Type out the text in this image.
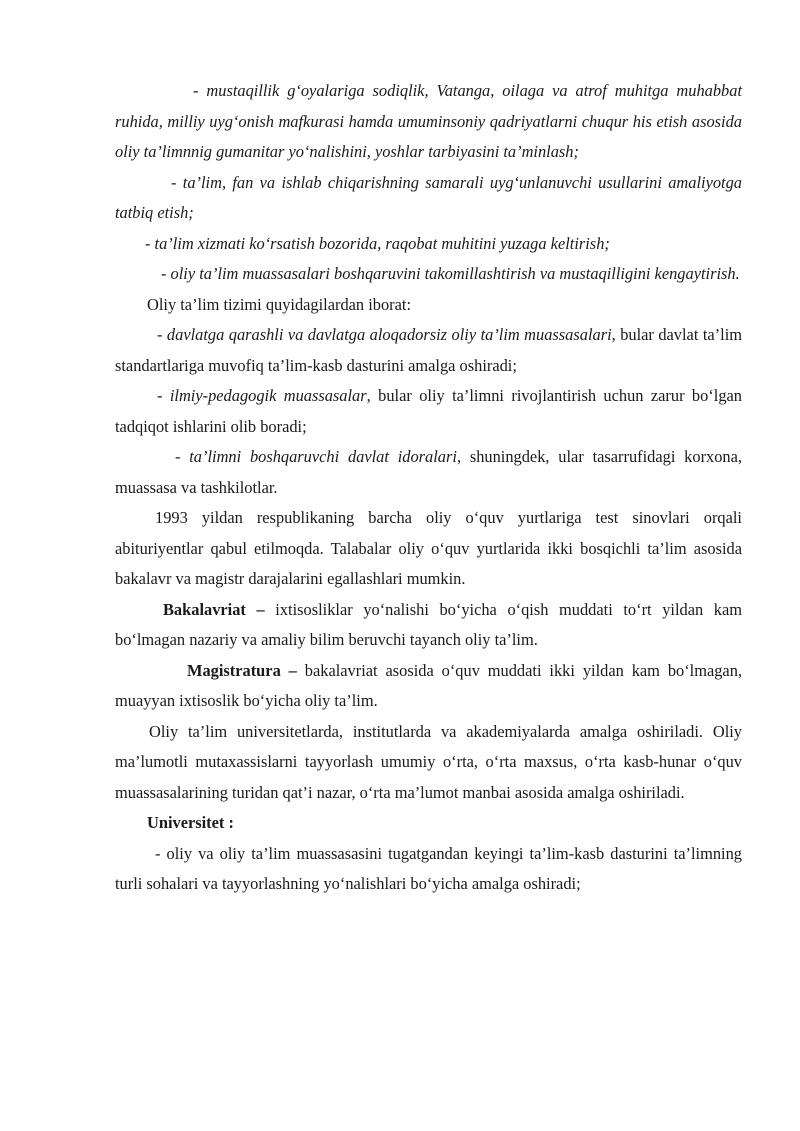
- mustaqillik g‘oyalariga sodiqlik, Vatanga, oilaga va atrof muhitga muhabbat ruhida, milliy uyg‘onish mafkurasi hamda umuminsoniy qadriyatlarni chuqur his etish asosida oliy ta’limnnig gumanitar yo‘nalishini, yoshlar tarbiyasini ta’minlash;

- ta’lim, fan va ishlab chiqarishning samarali uyg‘unlanuvchi usullarini amaliyotga tatbiq etish;

- ta’lim xizmati ko‘rsatish bozorida, raqobat muhitini yuzaga keltirish;

- oliy ta’lim muassasalari boshqaruvini takomillashtirish va mustaqilligini kengaytirish.

Oliy ta’lim tizimi quyidagilardan iborat:

- davlatga qarashli va davlatga aloqadorsiz oliy ta’lim muassasalari, bular davlat ta’lim standartlariga muvofiq ta’lim-kasb dasturini amalga oshiradi;

- ilmiy-pedagogik muassasalar, bular oliy ta’limni rivojlantirish uchun zarur bo‘lgan tadqiqot ishlarini olib boradi;

- ta’limni boshqaruvchi davlat idoralari, shuningdek, ular tasarrufidagi korxona, muassasa va tashkilotlar.

1993 yildan respublikaning barcha oliy o‘quv yurtlariga test sinovlari orqali abituriyentlar qabul etilmoqda. Talabalar oliy o‘quv yurtlarida ikki bosqichli ta’lim asosida bakalavr va magistr darajalarini egallashlari mumkin.

Bakalavriat – ixtisosliklar yo‘nalishi bo‘yicha o‘qish muddati to‘rt yildan kam bo‘lmagan nazariy va amaliy bilim beruvchi tayanch oliy ta’lim.

Magistratura – bakalavriat asosida o‘quv muddati ikki yildan kam bo‘lmagan, muayyan ixtisoslik bo‘yicha oliy ta’lim.

Oliy ta’lim universitetlarda, institutlarda va akademiyalarda amalga oshiriladi. Oliy ma’lumotli mutaxassislarni tayyorlash umumiy o‘rta, o‘rta maxsus, o‘rta kasb-hunar o‘quv muassasalarining turidan qat’i nazar, o‘rta ma’lumot manbai asosida amalga oshiriladi.

Universitet :

- oliy va oliy ta’lim muassasasini tugatgandan keyingi ta’lim-kasb dasturini ta’limning turli sohalari va tayyorlashning yo‘nalishlari bo‘yicha amalga oshiradi;
